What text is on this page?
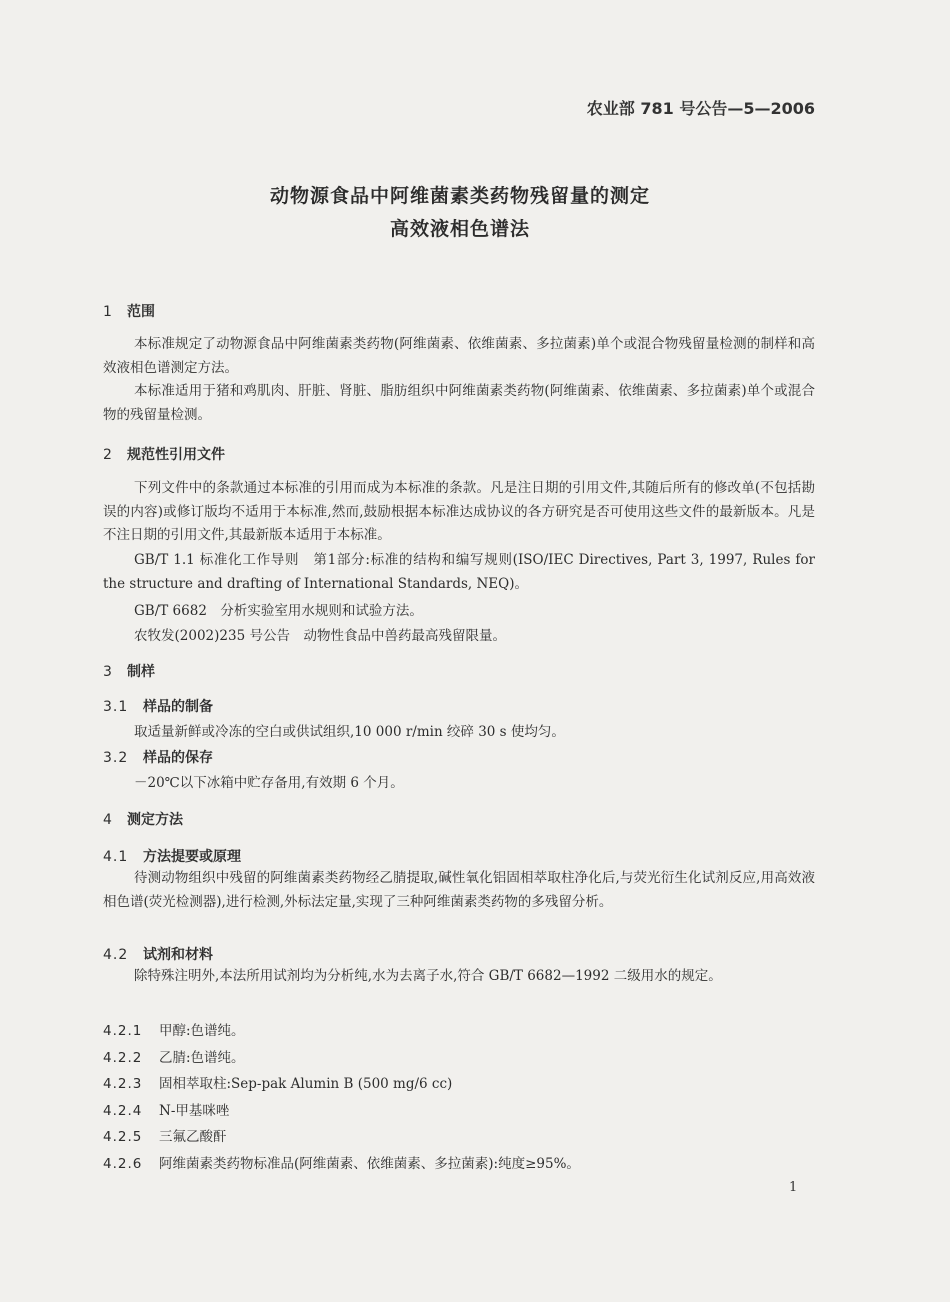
农业部 781 号公告—5—2006
动物源食品中阿维菌素类药物残留量的测定
高效液相色谱法
1 范围
本标准规定了动物源食品中阿维菌素类药物(阿维菌素、依维菌素、多拉菌素)单个或混合物残留量检测的制样和高效液相色谱测定方法。
本标准适用于猪和鸡肌肉、肝脏、肾脏、脂肪组织中阿维菌素类药物(阿维菌素、依维菌素、多拉菌素)单个或混合物的残留量检测。
2 规范性引用文件
下列文件中的条款通过本标准的引用而成为本标准的条款。凡是注日期的引用文件,其随后所有的修改单(不包括勘误的内容)或修订版均不适用于本标准,然而,鼓励根据本标准达成协议的各方研究是否可使用这些文件的最新版本。凡是不注日期的引用文件,其最新版本适用于本标准。
GB/T 1.1 标准化工作导则　第1部分:标准的结构和编写规则(ISO/IEC Directives, Part 3, 1997, Rules for the structure and drafting of International Standards, NEQ)。
GB/T 6682　分析实验室用水规则和试验方法。
农牧发(2002)235 号公告　动物性食品中兽药最高残留限量。
3 制样
3.1 样品的制备
取适量新鲜或冷冻的空白或供试组织,10 000 r/min 绞碎 30 s 使均匀。
3.2 样品的保存
－20℃以下冰箱中贮存备用,有效期 6 个月。
4 测定方法
4.1 方法提要或原理
待测动物组织中残留的阿维菌素类药物经乙腈提取,碱性氧化铝固相萃取柱净化后,与荧光衍生化试剂反应,用高效液相色谱(荧光检测器),进行检测,外标法定量,实现了三种阿维菌素类药物的多残留分析。
4.2 试剂和材料
除特殊注明外,本法所用试剂均为分析纯,水为去离子水,符合 GB/T 6682—1992 二级用水的规定。
4.2.1 甲醇:色谱纯。
4.2.2 乙腈:色谱纯。
4.2.3 固相萃取柱:Sep-pak Alumin B (500 mg/6 cc)
4.2.4 N-甲基咪唑
4.2.5 三氟乙酸酐
4.2.6 阿维菌素类药物标准品(阿维菌素、依维菌素、多拉菌素):纯度≥95%。
1
